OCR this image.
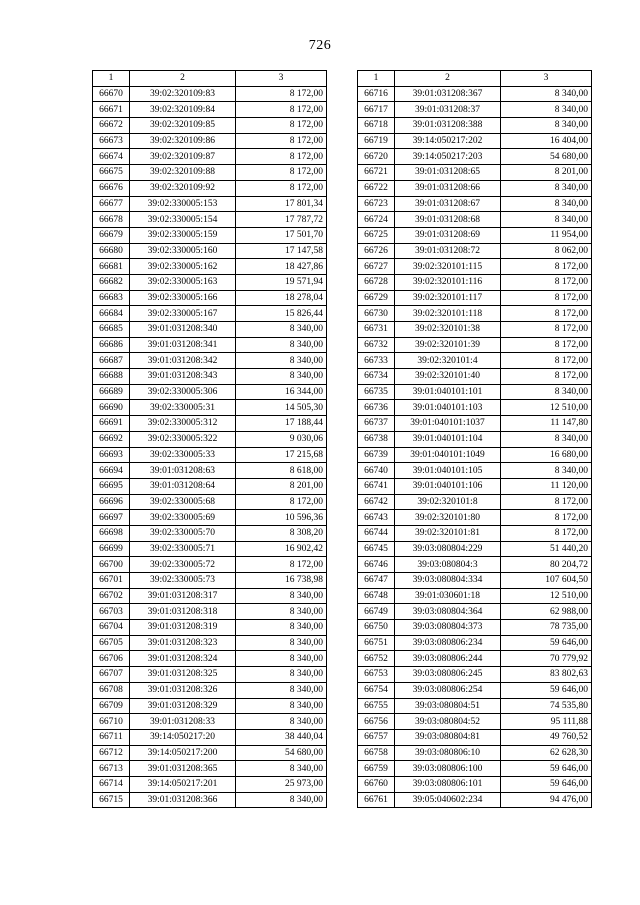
726
1	2	3
66670	39:02:320109:83	8 172,00
66671	39:02:320109:84	8 172,00
66672	39:02:320109:85	8 172,00
66673	39:02:320109:86	8 172,00
66674	39:02:320109:87	8 172,00
66675	39:02:320109:88	8 172,00
66676	39:02:320109:92	8 172,00
66677	39:02:330005:153	17 801,34
66678	39:02:330005:154	17 787,72
66679	39:02:330005:159	17 501,70
66680	39:02:330005:160	17 147,58
66681	39:02:330005:162	18 427,86
66682	39:02:330005:163	19 571,94
66683	39:02:330005:166	18 278,04
66684	39:02:330005:167	15 826,44
66685	39:01:031208:340	8 340,00
66686	39:01:031208:341	8 340,00
66687	39:01:031208:342	8 340,00
66688	39:01:031208:343	8 340,00
66689	39:02:330005:306	16 344,00
66690	39:02:330005:31	14 505,30
66691	39:02:330005:312	17 188,44
66692	39:02:330005:322	9 030,06
66693	39:02:330005:33	17 215,68
66694	39:01:031208:63	8 618,00
66695	39:01:031208:64	8 201,00
66696	39:02:330005:68	8 172,00
66697	39:02:330005:69	10 596,36
66698	39:02:330005:70	8 308,20
66699	39:02:330005:71	16 902,42
66700	39:02:330005:72	8 172,00
66701	39:02:330005:73	16 738,98
66702	39:01:031208:317	8 340,00
66703	39:01:031208:318	8 340,00
66704	39:01:031208:319	8 340,00
66705	39:01:031208:323	8 340,00
66706	39:01:031208:324	8 340,00
66707	39:01:031208:325	8 340,00
66708	39:01:031208:326	8 340,00
66709	39:01:031208:329	8 340,00
66710	39:01:031208:33	8 340,00
66711	39:14:050217:20	38 440,04
66712	39:14:050217:200	54 680,00
66713	39:01:031208:365	8 340,00
66714	39:14:050217:201	25 973,00
66715	39:01:031208:366	8 340,00
1	2	3
66716	39:01:031208:367	8 340,00
66717	39:01:031208:37	8 340,00
66718	39:01:031208:388	8 340,00
66719	39:14:050217:202	16 404,00
66720	39:14:050217:203	54 680,00
66721	39:01:031208:65	8 201,00
66722	39:01:031208:66	8 340,00
66723	39:01:031208:67	8 340,00
66724	39:01:031208:68	8 340,00
66725	39:01:031208:69	11 954,00
66726	39:01:031208:72	8 062,00
66727	39:02:320101:115	8 172,00
66728	39:02:320101:116	8 172,00
66729	39:02:320101:117	8 172,00
66730	39:02:320101:118	8 172,00
66731	39:02:320101:38	8 172,00
66732	39:02:320101:39	8 172,00
66733	39:02:320101:4	8 172,00
66734	39:02:320101:40	8 172,00
66735	39:01:040101:101	8 340,00
66736	39:01:040101:103	12 510,00
66737	39:01:040101:1037	11 147,80
66738	39:01:040101:104	8 340,00
66739	39:01:040101:1049	16 680,00
66740	39:01:040101:105	8 340,00
66741	39:01:040101:106	11 120,00
66742	39:02:320101:8	8 172,00
66743	39:02:320101:80	8 172,00
66744	39:02:320101:81	8 172,00
66745	39:03:080804:229	51 440,20
66746	39:03:080804:3	80 204,72
66747	39:03:080804:334	107 604,50
66748	39:01:030601:18	12 510,00
66749	39:03:080804:364	62 988,00
66750	39:03:080804:373	78 735,00
66751	39:03:080806:234	59 646,00
66752	39:03:080806:244	70 779,92
66753	39:03:080806:245	83 802,63
66754	39:03:080806:254	59 646,00
66755	39:03:080804:51	74 535,80
66756	39:03:080804:52	95 111,88
66757	39:03:080804:81	49 760,52
66758	39:03:080806:10	62 628,30
66759	39:03:080806:100	59 646,00
66760	39:03:080806:101	59 646,00
66761	39:05:040602:234	94 476,00
